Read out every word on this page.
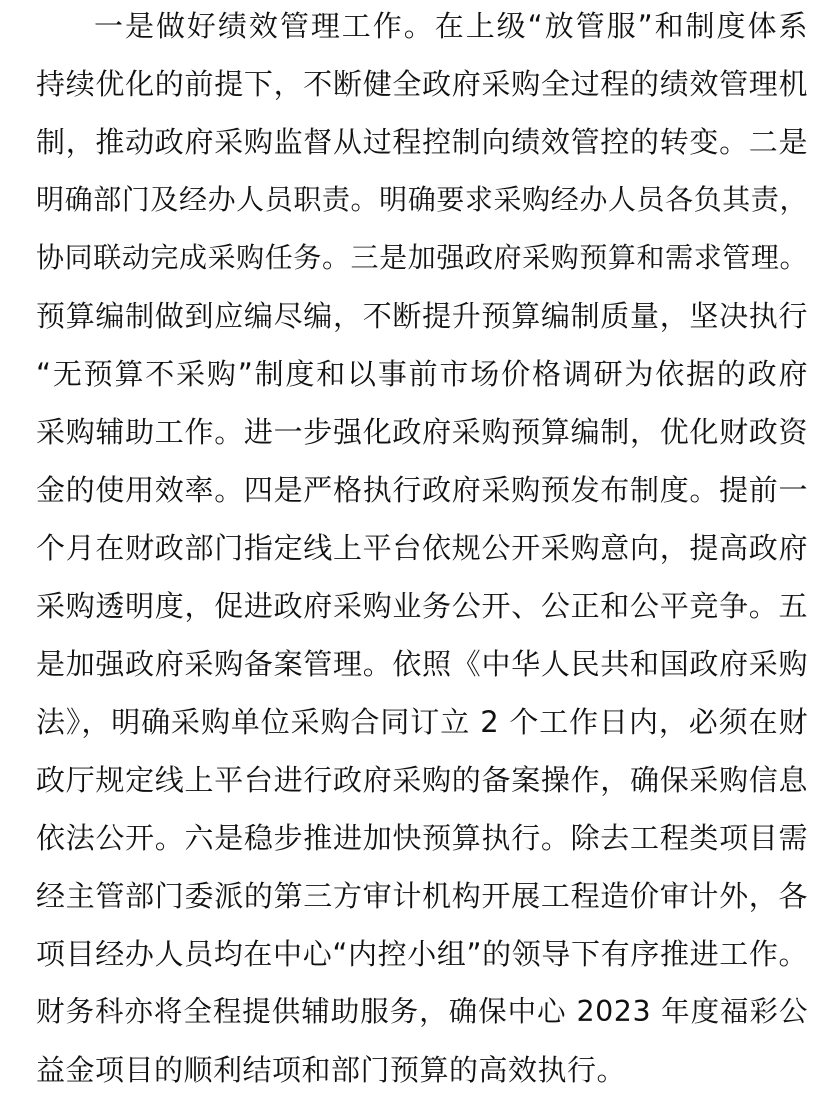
一是做好绩效管理工作。在上级“放管服”和制度体系
持续优化的前提下，不断健全政府采购全过程的绩效管理机
制，推动政府采购监督从过程控制向绩效管控的转变。二是
明确部门及经办人员职责。明确要求采购经办人员各负其责，
协同联动完成采购任务。三是加强政府采购预算和需求管理。
预算编制做到应编尽编，不断提升预算编制质量，坚决执行
“无预算不采购”制度和以事前市场价格调研为依据的政府
采购辅助工作。进一步强化政府采购预算编制，优化财政资
金的使用效率。四是严格执行政府采购预发布制度。提前一
个月在财政部门指定线上平台依规公开采购意向，提高政府
采购透明度，促进政府采购业务公开、公正和公平竞争。五
是加强政府采购备案管理。依照《中华人民共和国政府采购
法》，明确采购单位采购合同订立 2 个工作日内，必须在财
政厅规定线上平台进行政府采购的备案操作，确保采购信息
依法公开。六是稳步推进加快预算执行。除去工程类项目需
经主管部门委派的第三方审计机构开展工程造价审计外，各
项目经办人员均在中心“内控小组”的领导下有序推进工作。
财务科亦将全程提供辅助服务，确保中心 2023 年度福彩公
益金项目的顺利结项和部门预算的高效执行。
